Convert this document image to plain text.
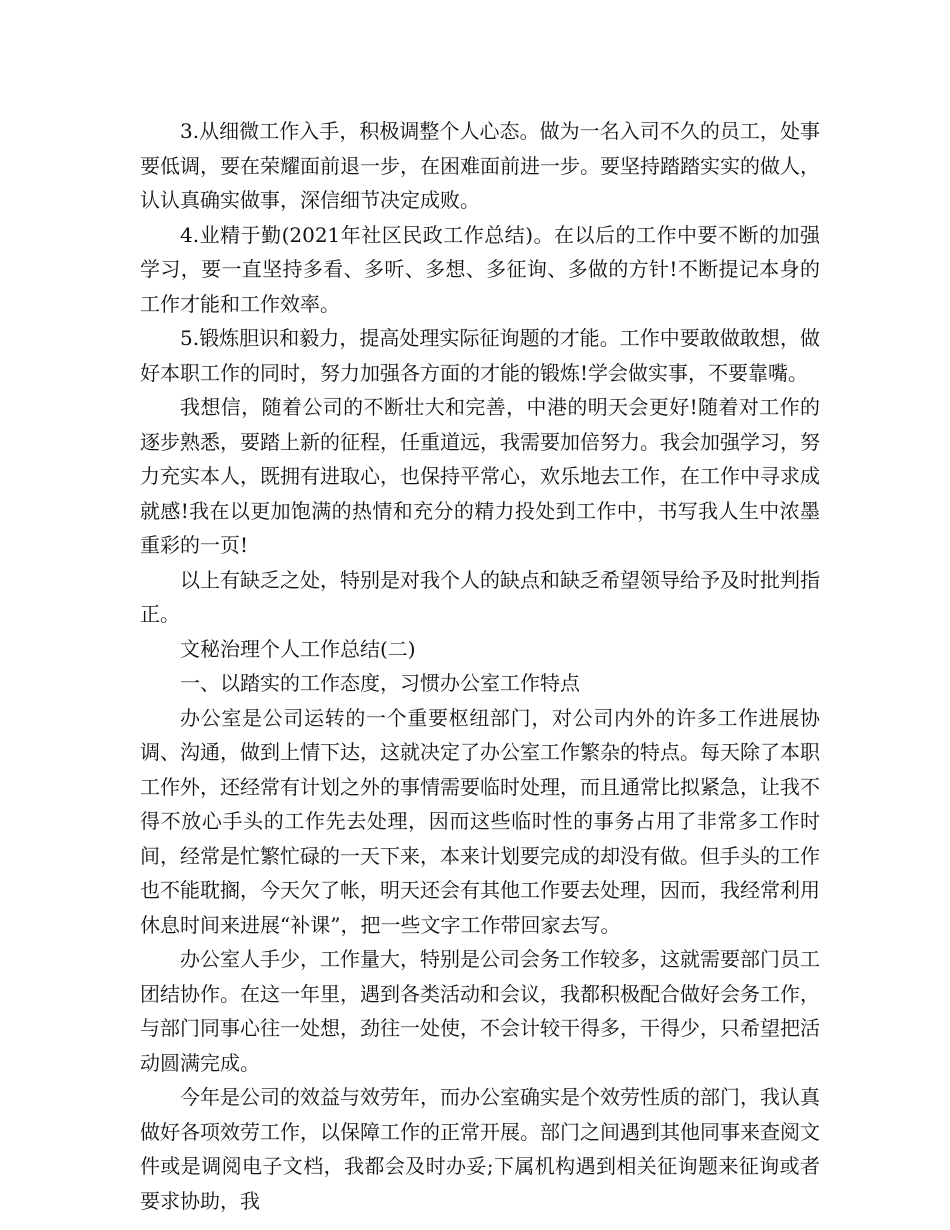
3.从细微工作入手，积极调整个人心态。做为一名入司不久的员工，处事要低调，要在荣耀面前退一步，在困难面前进一步。要坚持踏踏实实的做人，认认真确实做事，深信细节决定成败。

4.业精于勤(2021年社区民政工作总结)。在以后的工作中要不断的加强学习，要一直坚持多看、多听、多想、多征询、多做的方针!不断提记本身的工作才能和工作效率。

5.锻炼胆识和毅力，提高处理实际征询题的才能。工作中要敢做敢想，做好本职工作的同时，努力加强各方面的才能的锻炼!学会做实事，不要靠嘴。

我想信，随着公司的不断壮大和完善，中港的明天会更好!随着对工作的逐步熟悉，要踏上新的征程，任重道远，我需要加倍努力。我会加强学习，努力充实本人，既拥有进取心，也保持平常心，欢乐地去工作，在工作中寻求成就感!我在以更加饱满的热情和充分的精力投处到工作中，书写我人生中浓墨重彩的一页!

以上有缺乏之处，特别是对我个人的缺点和缺乏希望领导给予及时批判指正。

文秘治理个人工作总结(二)

一、以踏实的工作态度，习惯办公室工作特点

办公室是公司运转的一个重要枢纽部门，对公司内外的许多工作进展协调、沟通，做到上情下达，这就决定了办公室工作繁杂的特点。每天除了本职工作外，还经常有计划之外的事情需要临时处理，而且通常比拟紧急，让我不得不放心手头的工作先去处理，因而这些临时性的事务占用了非常多工作时间，经常是忙繁忙碌的一天下来，本来计划要完成的却没有做。但手头的工作也不能耽搁，今天欠了帐，明天还会有其他工作要去处理，因而，我经常利用休息时间来进展“补课”，把一些文字工作带回家去写。

办公室人手少，工作量大，特别是公司会务工作较多，这就需要部门员工团结协作。在这一年里，遇到各类活动和会议，我都积极配合做好会务工作，与部门同事心往一处想，劲往一处使，不会计较干得多，干得少，只希望把活动圆满完成。

今年是公司的效益与效劳年，而办公室确实是个效劳性质的部门，我认真做好各项效劳工作，以保障工作的正常开展。部门之间遇到其他同事来查阅文件或是调阅电子文档，我都会及时办妥;下属机构遇到相关征询题来征询或者要求协助，我
